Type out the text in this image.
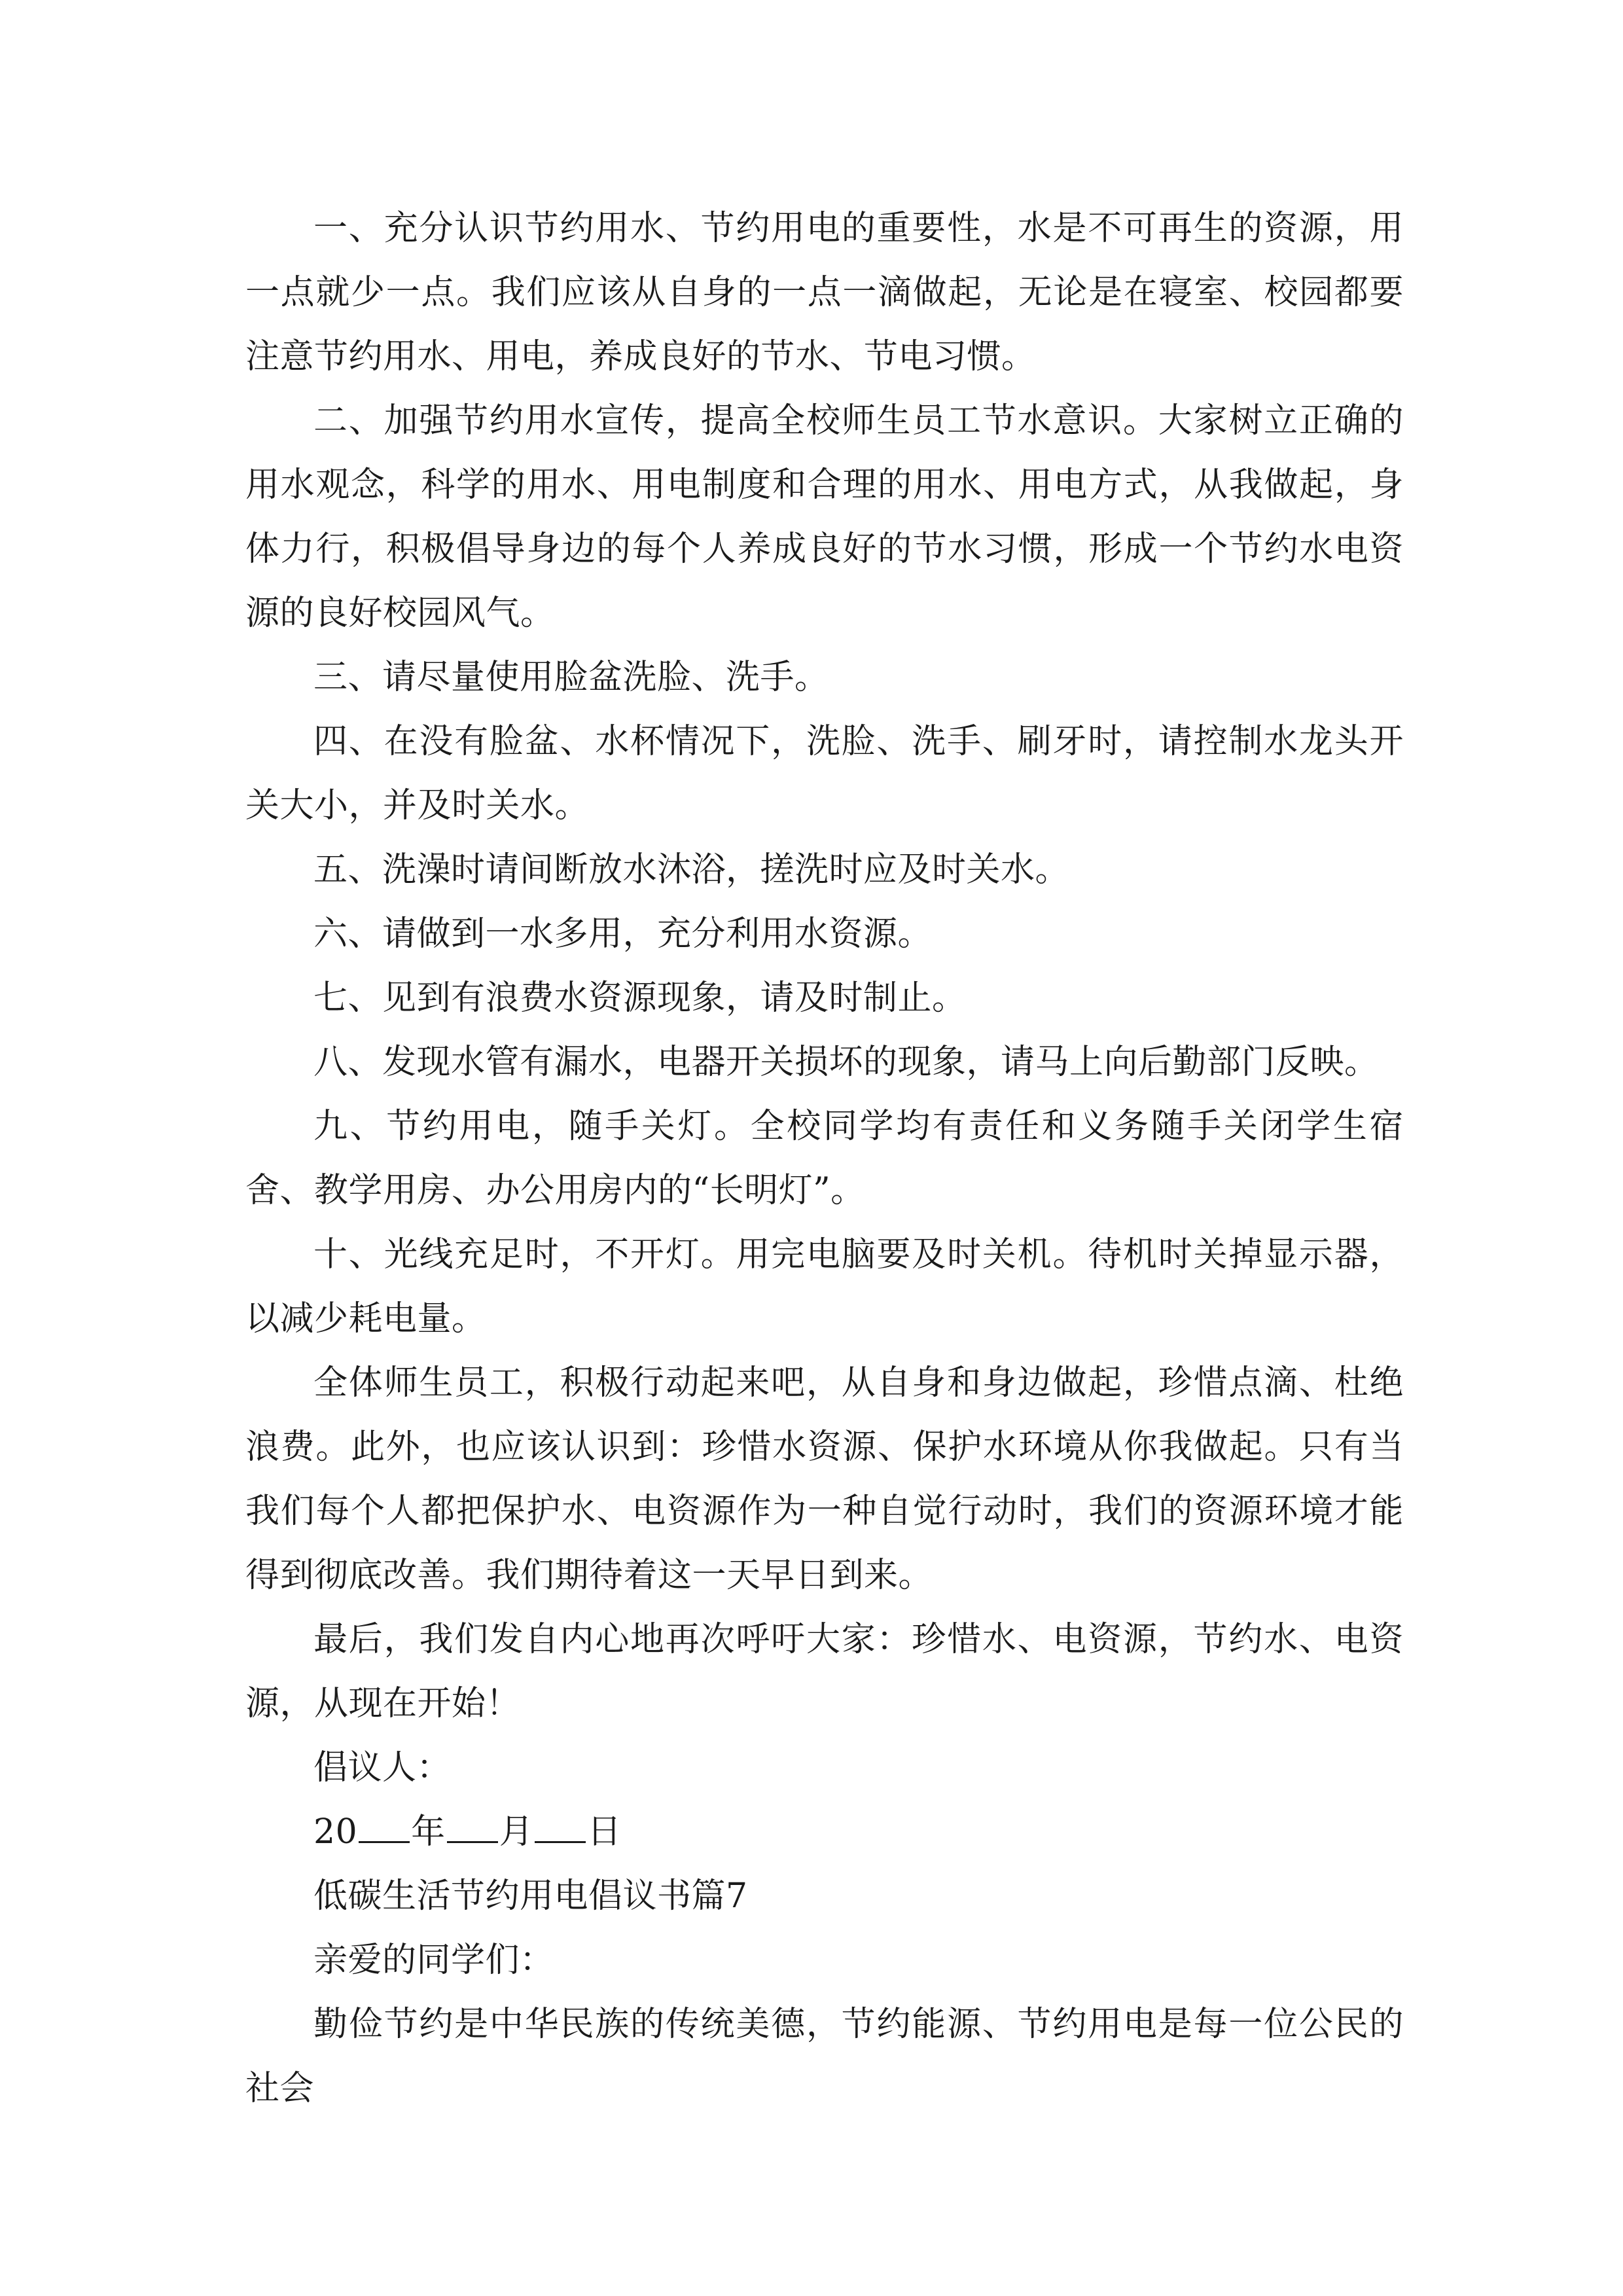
一、充分认识节约用水、节约用电的重要性，水是不可再生的资源，用一点就少一点。我们应该从自身的一点一滴做起，无论是在寝室、校园都要注意节约用水、用电，养成良好的节水、节电习惯。

二、加强节约用水宣传，提高全校师生员工节水意识。大家树立正确的用水观念，科学的用水、用电制度和合理的用水、用电方式，从我做起，身体力行，积极倡导身边的每个人养成良好的节水习惯，形成一个节约水电资源的良好校园风气。

三、请尽量使用脸盆洗脸、洗手。

四、在没有脸盆、水杯情况下，洗脸、洗手、刷牙时，请控制水龙头开关大小，并及时关水。

五、洗澡时请间断放水沐浴，搓洗时应及时关水。

六、请做到一水多用，充分利用水资源。

七、见到有浪费水资源现象，请及时制止。

八、发现水管有漏水，电器开关损坏的现象，请马上向后勤部门反映。

九、节约用电，随手关灯。全校同学均有责任和义务随手关闭学生宿舍、教学用房、办公用房内的“长明灯”。

十、光线充足时，不开灯。用完电脑要及时关机。待机时关掉显示器，以减少耗电量。

全体师生员工，积极行动起来吧，从自身和身边做起，珍惜点滴、杜绝浪费。此外，也应该认识到：珍惜水资源、保护水环境从你我做起。只有当我们每个人都把保护水、电资源作为一种自觉行动时，我们的资源环境才能得到彻底改善。我们期待着这一天早日到来。

最后，我们发自内心地再次呼吁大家：珍惜水、电资源，节约水、电资源，从现在开始！

倡议人：

20 年 月 日

低碳生活节约用电倡议书篇7

亲爱的同学们：

勤俭节约是中华民族的传统美德，节约能源、节约用电是每一位公民的社会
